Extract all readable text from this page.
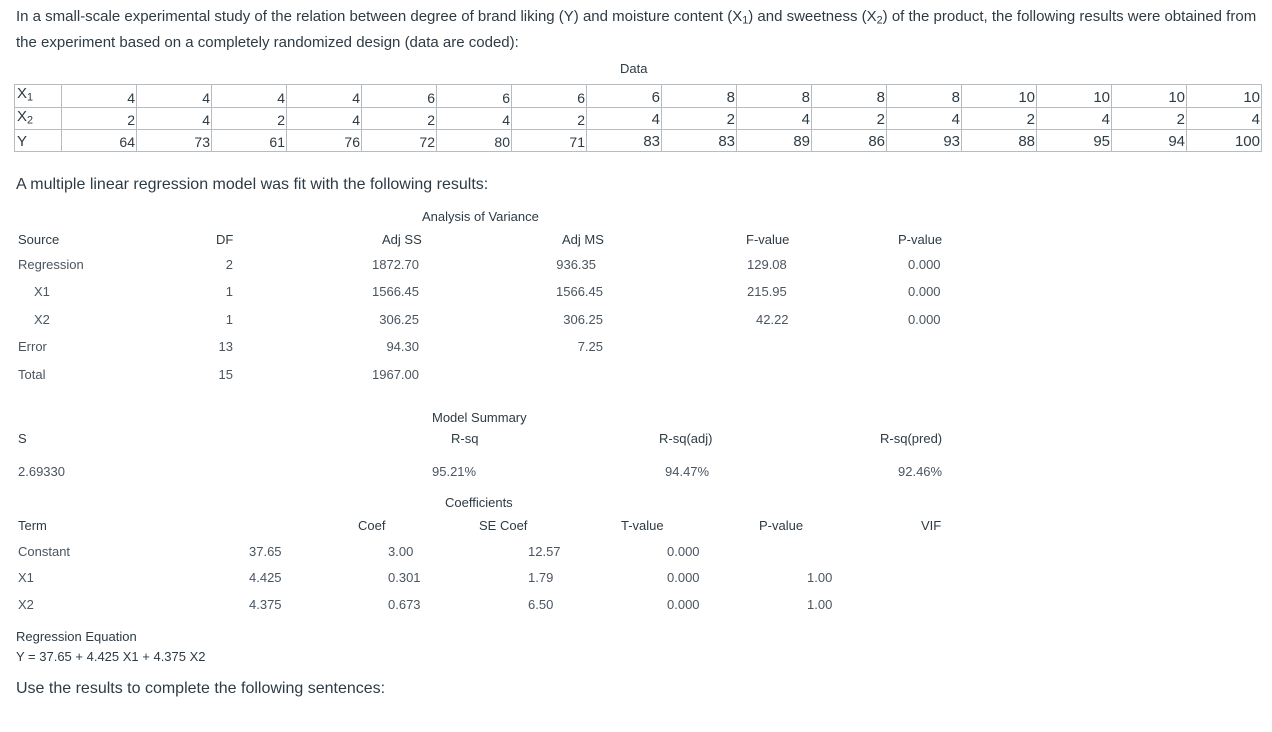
In a small-scale experimental study of the relation between degree of brand liking (Y) and moisture content $(X_1)$ and sweetness $(X_2)$ of the product, the following results were obtained from the experiment based on a completely randomized design (data are coded):
Data
$X_1$	4	4	4	4	6	6	6	6	8	8	8	8	10	10	10	10
$X_2$	2	4	2	4	2	4	2	4	2	4	2	4	2	4	2	4
Y	64	73	61	76	72	80	71	83	83	89	86	93	88	95	94	100
A multiple linear regression model was fit with the following results:
Analysis of Variance
Source	DF	Adj SS	Adj MS	F-value	P-value
Regression	2	1872.70	936.35	129.08	0.000
X1	1	1566.45	1566.45	215.95	0.000
X2	1	306.25	306.25	42.22	0.000
Error	13	94.30	7.25
Total	15	1967.00
Model Summary
S	R-sq	R-sq(adj)	R-sq(pred)
2.69330	95.21%	94.47%	92.46%
Coefficients
Term	Coef	SE Coef	T-value	P-value	VIF
Constant	37.65	3.00	12.57	0.000
X1	4.425	0.301	1.79	0.000	1.00
X2	4.375	0.673	6.50	0.000	1.00
Regression Equation
Y = 37.65 + 4.425 X1 + 4.375 X2
Use the results to complete the following sentences:
